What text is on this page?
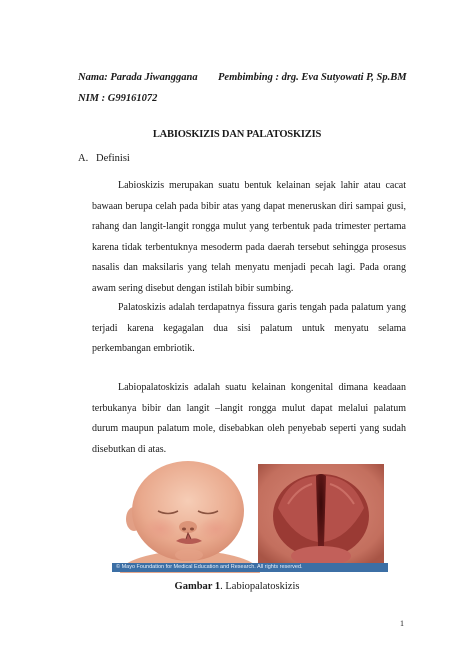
Nama: Parada Jiwanggana Pembimbing : drg. Eva Sutyowati P, Sp.BM
NIM : G99161072
LABIOSKIZIS DAN PALATOSKIZIS
A. Definisi

Labioskizis merupakan suatu bentuk kelainan sejak lahir atau cacat bawaan berupa celah pada bibir atas yang dapat meneruskan diri sampai gusi, rahang dan langit-langit rongga mulut yang terbentuk pada trimester pertama karena tidak terbentuknya mesoderm pada daerah tersebut sehingga prosesus nasalis dan maksilaris yang telah menyatu menjadi pecah lagi. Pada orang awam sering disebut dengan istilah bibir sumbing.

Palatoskizis adalah terdapatnya fissura garis tengah pada palatum yang terjadi karena kegagalan dua sisi palatum untuk menyatu selama perkembangan embriotik.

Labiopalatoskizis adalah suatu kelainan kongenital dimana keadaan terbukanya bibir dan langit –langit rongga mulut dapat melalui palatum durum maupun palatum mole, disebabkan oleh penyebab seperti yang sudah disebutkan di atas.

© Mayo Foundation for Medical Education and Research. All rights reserved.
Gambar 1. Labiopalatoskizis
1
